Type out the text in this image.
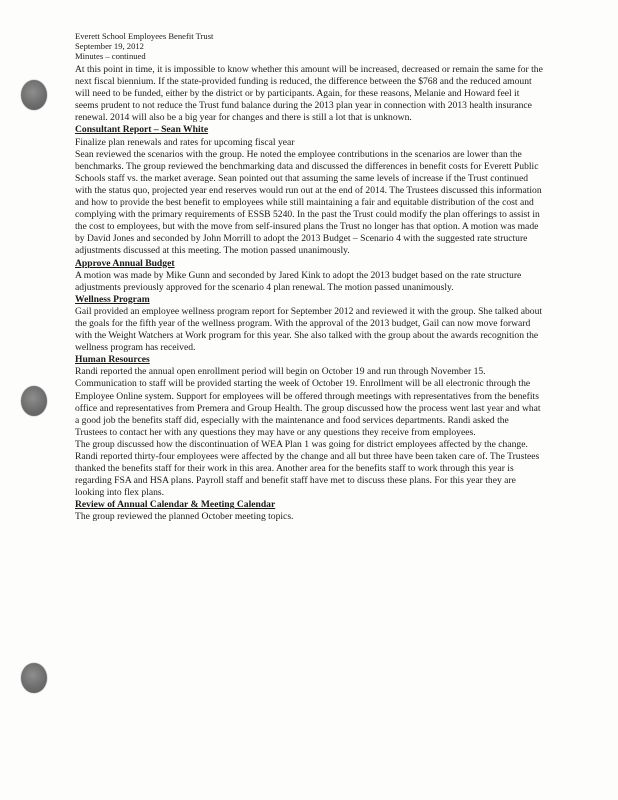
Everett School Employees Benefit Trust
September 19, 2012
Minutes – continued

At this point in time, it is impossible to know whether this amount will be increased, decreased or remain the same for the next fiscal biennium. If the state-provided funding is reduced, the difference between the $768 and the reduced amount will need to be funded, either by the district or by participants. Again, for these reasons, Melanie and Howard feel it seems prudent to not reduce the Trust fund balance during the 2013 plan year in connection with 2013 health insurance renewal. 2014 will also be a big year for changes and there is still a lot that is unknown.

Consultant Report – Sean White

Finalize plan renewals and rates for upcoming fiscal year

Sean reviewed the scenarios with the group. He noted the employee contributions in the scenarios are lower than the benchmarks. The group reviewed the benchmarking data and discussed the differences in benefit costs for Everett Public Schools staff vs. the market average. Sean pointed out that assuming the same levels of increase if the Trust continued with the status quo, projected year end reserves would run out at the end of 2014. The Trustees discussed this information and how to provide the best benefit to employees while still maintaining a fair and equitable distribution of the cost and complying with the primary requirements of ESSB 5240. In the past the Trust could modify the plan offerings to assist in the cost to employees, but with the move from self-insured plans the Trust no longer has that option. A motion was made by David Jones and seconded by John Morrill to adopt the 2013 Budget – Scenario 4 with the suggested rate structure adjustments discussed at this meeting. The motion passed unanimously.

Approve Annual Budget

A motion was made by Mike Gunn and seconded by Jared Kink to adopt the 2013 budget based on the rate structure adjustments previously approved for the scenario 4 plan renewal. The motion passed unanimously.

Wellness Program

Gail provided an employee wellness program report for September 2012 and reviewed it with the group. She talked about the goals for the fifth year of the wellness program. With the approval of the 2013 budget, Gail can now move forward with the Weight Watchers at Work program for this year. She also talked with the group about the awards recognition the wellness program has received.

Human Resources

Randi reported the annual open enrollment period will begin on October 19 and run through November 15. Communication to staff will be provided starting the week of October 19. Enrollment will be all electronic through the Employee Online system. Support for employees will be offered through meetings with representatives from the benefits office and representatives from Premera and Group Health. The group discussed how the process went last year and what a good job the benefits staff did, especially with the maintenance and food services departments. Randi asked the Trustees to contact her with any questions they may have or any questions they receive from employees.

The group discussed how the discontinuation of WEA Plan 1 was going for district employees affected by the change. Randi reported thirty-four employees were affected by the change and all but three have been taken care of. The Trustees thanked the benefits staff for their work in this area. Another area for the benefits staff to work through this year is regarding FSA and HSA plans. Payroll staff and benefit staff have met to discuss these plans. For this year they are looking into flex plans.

Review of Annual Calendar & Meeting Calendar

The group reviewed the planned October meeting topics.
